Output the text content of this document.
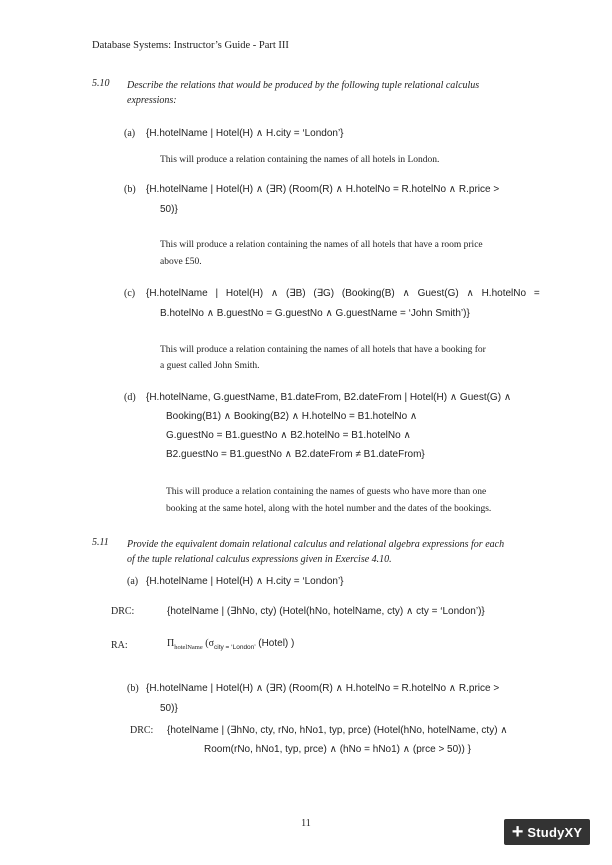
Database Systems: Instructor’s Guide - Part III
5.10 Describe the relations that would be produced by the following tuple relational calculus
expressions:
(a) {H.hotelName | Hotel(H) ∧ H.city = ‘London’}
This will produce a relation containing the names of all hotels in London.
(b) {H.hotelName | Hotel(H) ∧ (∃R) (Room(R) ∧ H.hotelNo = R.hotelNo ∧ R.price >
50)}
This will produce a relation containing the names of all hotels that have a room price
above £50.
(c) {H.hotelName | Hotel(H) ∧ (∃B) (∃G) (Booking(B) ∧ Guest(G) ∧ H.hotelNo =
B.hotelNo ∧ B.guestNo = G.guestNo ∧ G.guestName = ‘John Smith’)}
This will produce a relation containing the names of all hotels that have a booking for
a guest called John Smith.
(d) {H.hotelName, G.guestName, B1.dateFrom, B2.dateFrom | Hotel(H) ∧ Guest(G) ∧
Booking(B1) ∧ Booking(B2) ∧ H.hotelNo = B1.hotelNo ∧
G.guestNo = B1.guestNo ∧ B2.hotelNo = B1.hotelNo ∧
B2.guestNo = B1.guestNo ∧ B2.dateFrom ≠ B1.dateFrom}
This will produce a relation containing the names of guests who have more than one
booking at the same hotel, along with the hotel number and the dates of the bookings.
5.11 Provide the equivalent domain relational calculus and relational algebra expressions for each
of the tuple relational calculus expressions given in Exercise 4.10.
(a) {H.hotelName | Hotel(H) ∧ H.city = ‘London’}
DRC:	{hotelName | (∃hNo, cty) (Hotel(hNo, hotelName, cty) ∧ cty = ‘London’)}
RA:	$\Pi_{hotelName}$ ($\sigma_{city = ‘London’}$ (Hotel) )
(b) {H.hotelName | Hotel(H) ∧ (∃R) (Room(R) ∧ H.hotelNo = R.hotelNo ∧ R.price >
50)}
DRC: {hotelName | (∃hNo, cty, rNo, hNo1, typ, prce) (Hotel(hNo, hotelName, cty) ∧
Room(rNo, hNo1, typ, prce) ∧ (hNo = hNo1) ∧ (prce > 50)) }
11	+ StudyXY
